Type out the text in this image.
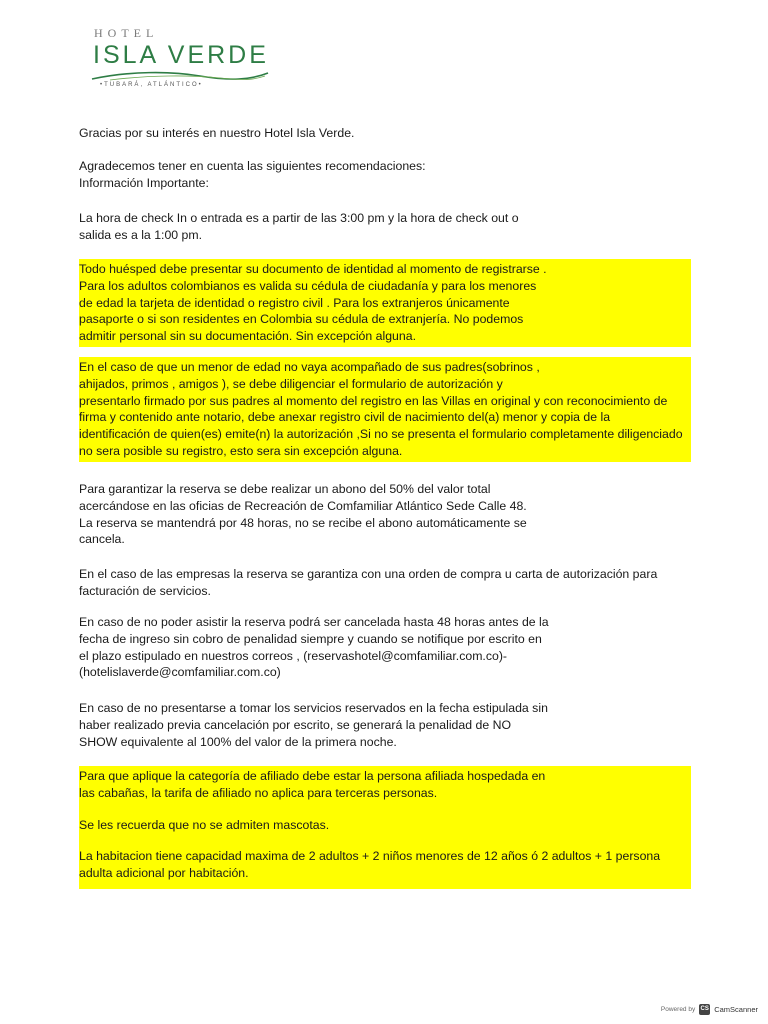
HOTEL
ISLA VERDE
•TUBARÁ, ATLÁNTICO•

Gracias por su interés en nuestro Hotel Isla Verde.

Agradecemos tener en cuenta las siguientes recomendaciones:
Información Importante:

La hora de check In o entrada es a partir de las 3:00 pm y la hora de check out o
salida es a la 1:00 pm.

Todo huésped debe presentar su documento de identidad al momento de registrarse .
Para los adultos colombianos es valida su cédula de ciudadanía y para los menores
de edad la tarjeta de identidad o registro civil . Para los extranjeros únicamente
pasaporte o si son residentes en Colombia su cédula de extranjería. No podemos
admitir personal sin su documentación. Sin excepción alguna.

En el caso de que un menor de edad no vaya acompañado de sus padres(sobrinos ,
ahijados, primos , amigos ), se debe diligenciar el formulario de autorización y
presentarlo firmado por sus padres al momento del registro en las Villas en original y con reconocimiento de
firma y contenido ante notario, debe anexar registro civil de nacimiento del(a) menor y copia de la
identificación de quien(es) emite(n) la autorización ,Si no se presenta el formulario completamente diligenciado
no sera posible su registro, esto sera sin excepción alguna.

Para garantizar la reserva se debe realizar un abono del 50% del valor total
acercándose en las oficias de Recreación de Comfamiliar Atlántico Sede Calle 48.
La reserva se mantendrá por 48 horas, no se recibe el abono automáticamente se
cancela.

En el caso de las empresas la reserva se garantiza con una orden de compra u carta de autorización para
facturación de servicios.

En caso de no poder asistir la reserva podrá ser cancelada hasta 48 horas antes de la
fecha de ingreso sin cobro de penalidad siempre y cuando se notifique por escrito en
el plazo estipulado en nuestros correos , (reservashotel@comfamiliar.com.co)-
(hotelislaverde@comfamiliar.com.co)

En caso de no presentarse a tomar los servicios reservados en la fecha estipulada sin
haber realizado previa cancelación por escrito, se generará la penalidad de NO
SHOW equivalente al 100% del valor de la primera noche.

Para que aplique la categoría de afiliado debe estar la persona afiliada hospedada en
las cabañas, la tarifa de afiliado no aplica para terceras personas.

Se les recuerda que no se admiten mascotas.

La habitacion tiene capacidad maxima de 2 adultos + 2 niños menores de 12 años ó 2 adultos + 1 persona
adulta adicional por habitación.

Powered by CS CamScanner
